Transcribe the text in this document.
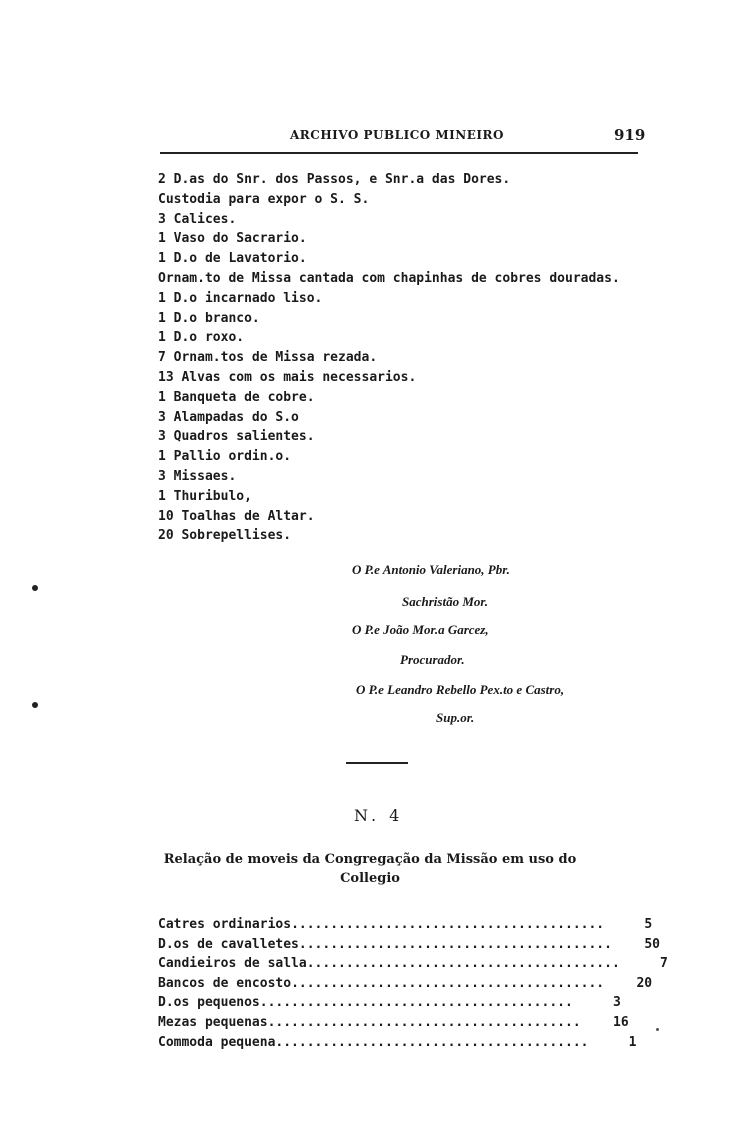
ARCHIVO PUBLICO MINEIRO	919
2 D.as do Snr. dos Passos, e Snr.a das Dores.
Custodia para expor o S. S.
3 Calices.
1 Vaso do Sacrario.
1 D.o de Lavatorio.
Ornam.to de Missa cantada com chapinhas de cobres douradas.
1 D.o incarnado liso.
1 D.o branco.
1 D.o roxo.
7 Ornam.tos de Missa rezada.
13 Alvas com os mais necessarios.
1 Banqueta de cobre.
3 Alampadas do S.o
3 Quadros salientes.
1 Pallio ordin.o.
3 Missaes.
1 Thuribulo,
10 Toalhas de Altar.
20 Sobrepellises.
O P.e Antonio Valeriano, Pbr.
Sachristão Mor.
O P.e João Mor.a Garcez,
Procurador.
O P.e Leandro Rebello Pex.to e Castro,
Sup.or.
N. 4
Relação de moveis da Congregação da Missão em uso do Collegio
Catres ordinarios ........................................	5
D.os de cavalletes ........................................	50
Candieiros de salla ........................................	7
Bancos de encosto ........................................	20
D.os pequenos ........................................	3
Mezas pequenas ........................................	16
Commoda pequena ........................................	1
